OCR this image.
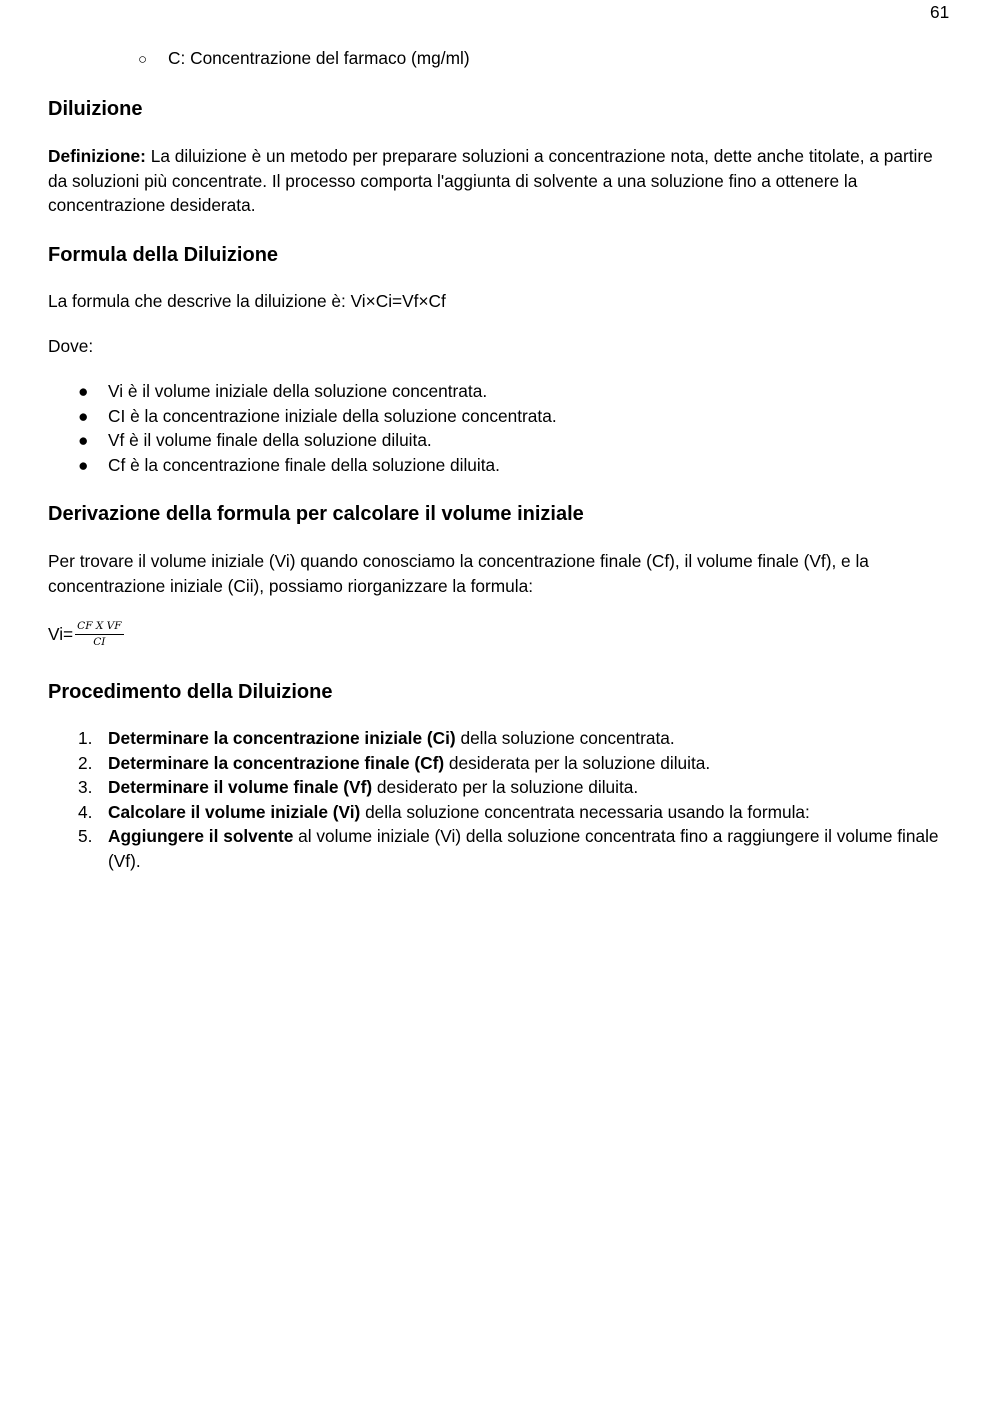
61
○ C: Concentrazione del farmaco (mg/ml)
Diluizione

Definizione: La diluizione è un metodo per preparare soluzioni a concentrazione nota, dette anche titolate, a partire da soluzioni più concentrate. Il processo comporta l'aggiunta di solvente a una soluzione fino a ottenere la concentrazione desiderata.

Formula della Diluizione

La formula che descrive la diluizione è: Vi×Ci=Vf×Cf

Dove:

● Vi è il volume iniziale della soluzione concentrata.
● CI è la concentrazione iniziale della soluzione concentrata.
● Vf è il volume finale della soluzione diluita.
● Cf è la concentrazione finale della soluzione diluita.
Derivazione della formula per calcolare il volume iniziale

Per trovare il volume iniziale (Vi) quando conosciamo la concentrazione finale (Cf), il volume finale (Vf), e la concentrazione iniziale (Cii), possiamo riorganizzare la formula:

$Vi= \frac{\text{CF X VF}}{CI}$
Procedimento della Diluizione
1. Determinare la concentrazione iniziale (Ci) della soluzione concentrata.
2. Determinare la concentrazione finale (Cf) desiderata per la soluzione diluita.
3. Determinare il volume finale (Vf) desiderato per la soluzione diluita.
4. Calcolare il volume iniziale (Vi) della soluzione concentrata necessaria usando la formula:
5. Aggiungere il solvente al volume iniziale (Vi) della soluzione concentrata fino a raggiungere il volume finale (Vf).
